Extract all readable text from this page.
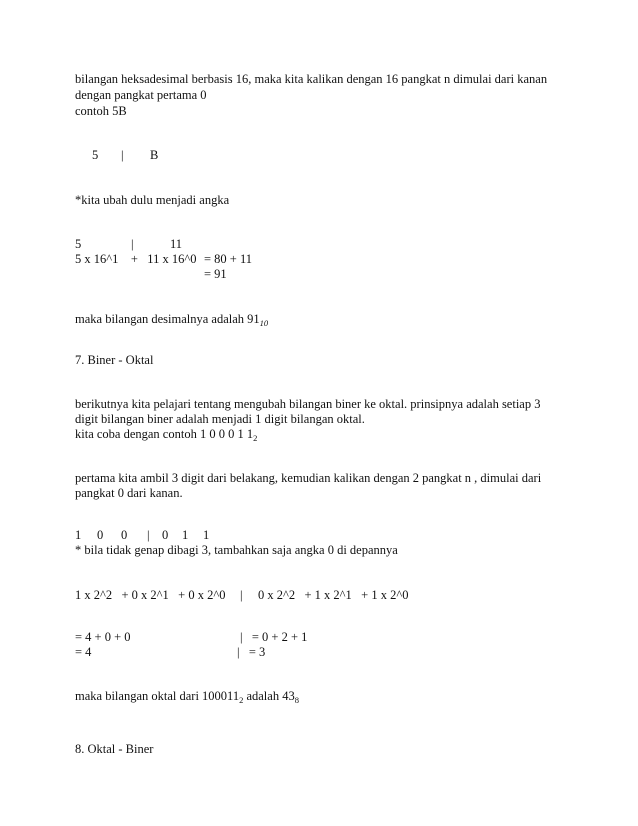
bilangan heksadesimal berbasis 16, maka kita kalikan dengan 16 pangkat n dimulai dari kanan
dengan pangkat pertama 0
contoh 5B
5 | B
*kita ubah dulu menjadi angka
5	|	11
5 x 16^1    +   11 x 16^0 = 80 + 11
= 91
maka bilangan desimalnya adalah $91_{10}$
7. Biner - Oktal
berikutnya kita pelajari tentang mengubah bilangan biner ke oktal. prinsipnya adalah setiap 3
digit bilangan biner adalah menjadi 1 digit bilangan oktal.
kita coba dengan contoh 1 0 0 0 1 $1_2$
pertama kita ambil 3 digit dari belakang, kemudian kalikan dengan 2 pangkat n , dimulai dari
pangkat 0 dari kanan.
1 0 0 | 0 1 1
* bila tidak genap dibagi 3, tambahkan saja angka 0 di depannya
1 x 2^2   + 0 x 2^1   + 0 x 2^0 | 0 x 2^2   + 1 x 2^1   + 1 x 2^0
= 4 + 0 + 0
= 4
|   = 0 + 2 + 1
|   = 3
maka bilangan oktal dari $100011_2$ adalah $43_8$
8. Oktal - Biner
